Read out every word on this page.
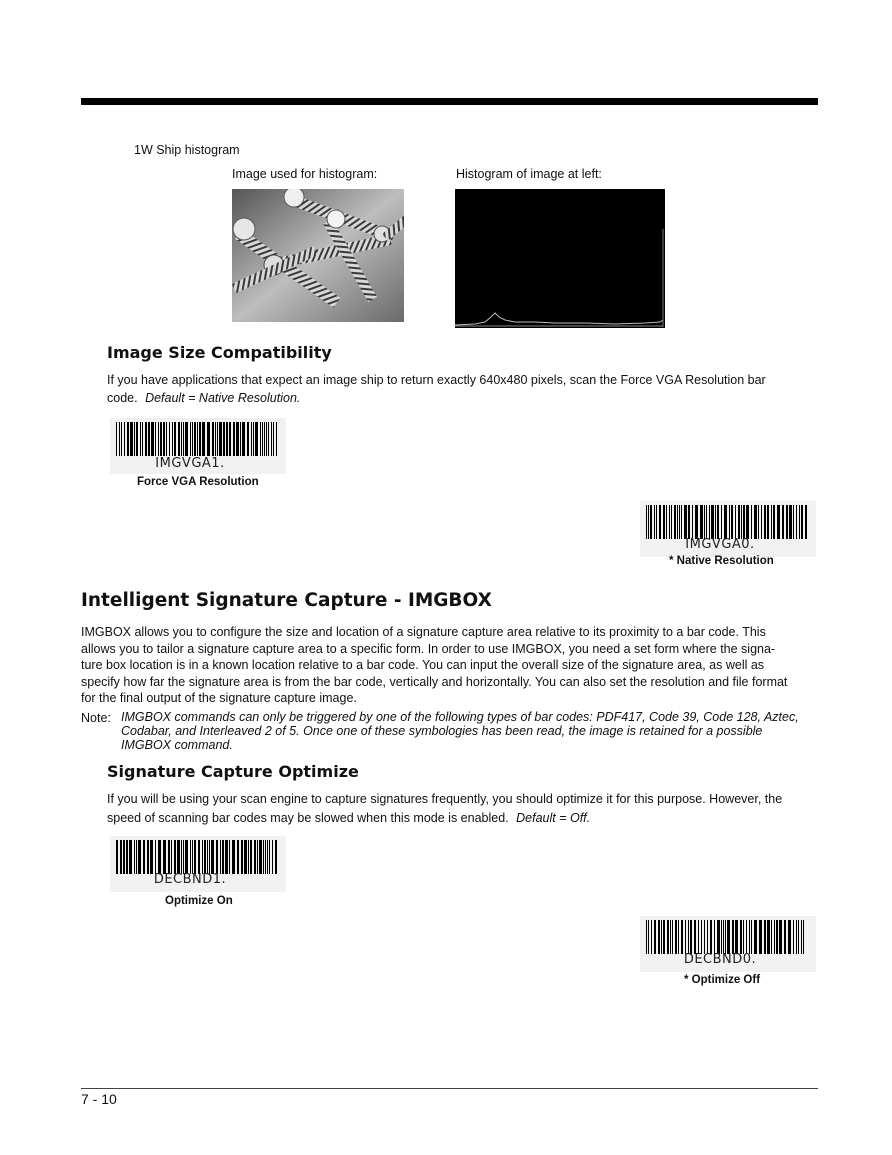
1W Ship histogram
Image used for histogram:	Histogram of image at left:
Image Size Compatibility
If you have applications that expect an image ship to return exactly 640x480 pixels, scan the Force VGA Resolution bar
code. Default = Native Resolution.
IMGVGA1.
Force VGA Resolution
IMGVGA0.
* Native Resolution
Intelligent Signature Capture - IMGBOX
IMGBOX allows you to configure the size and location of a signature capture area relative to its proximity to a bar code. This
allows you to tailor a signature capture area to a specific form. In order to use IMGBOX, you need a set form where the signa-
ture box location is in a known location relative to a bar code. You can input the overall size of the signature area, as well as
specify how far the signature area is from the bar code, vertically and horizontally. You can also set the resolution and file format
for the final output of the signature capture image.
Note: IMGBOX commands can only be triggered by one of the following types of bar codes: PDF417, Code 39, Code 128, Aztec,
Codabar, and Interleaved 2 of 5. Once one of these symbologies has been read, the image is retained for a possible
IMGBOX command.
Signature Capture Optimize
If you will be using your scan engine to capture signatures frequently, you should optimize it for this purpose. However, the
speed of scanning bar codes may be slowed when this mode is enabled. Default = Off.
DECBND1.
Optimize On
DECBND0.
* Optimize Off
7 - 10
